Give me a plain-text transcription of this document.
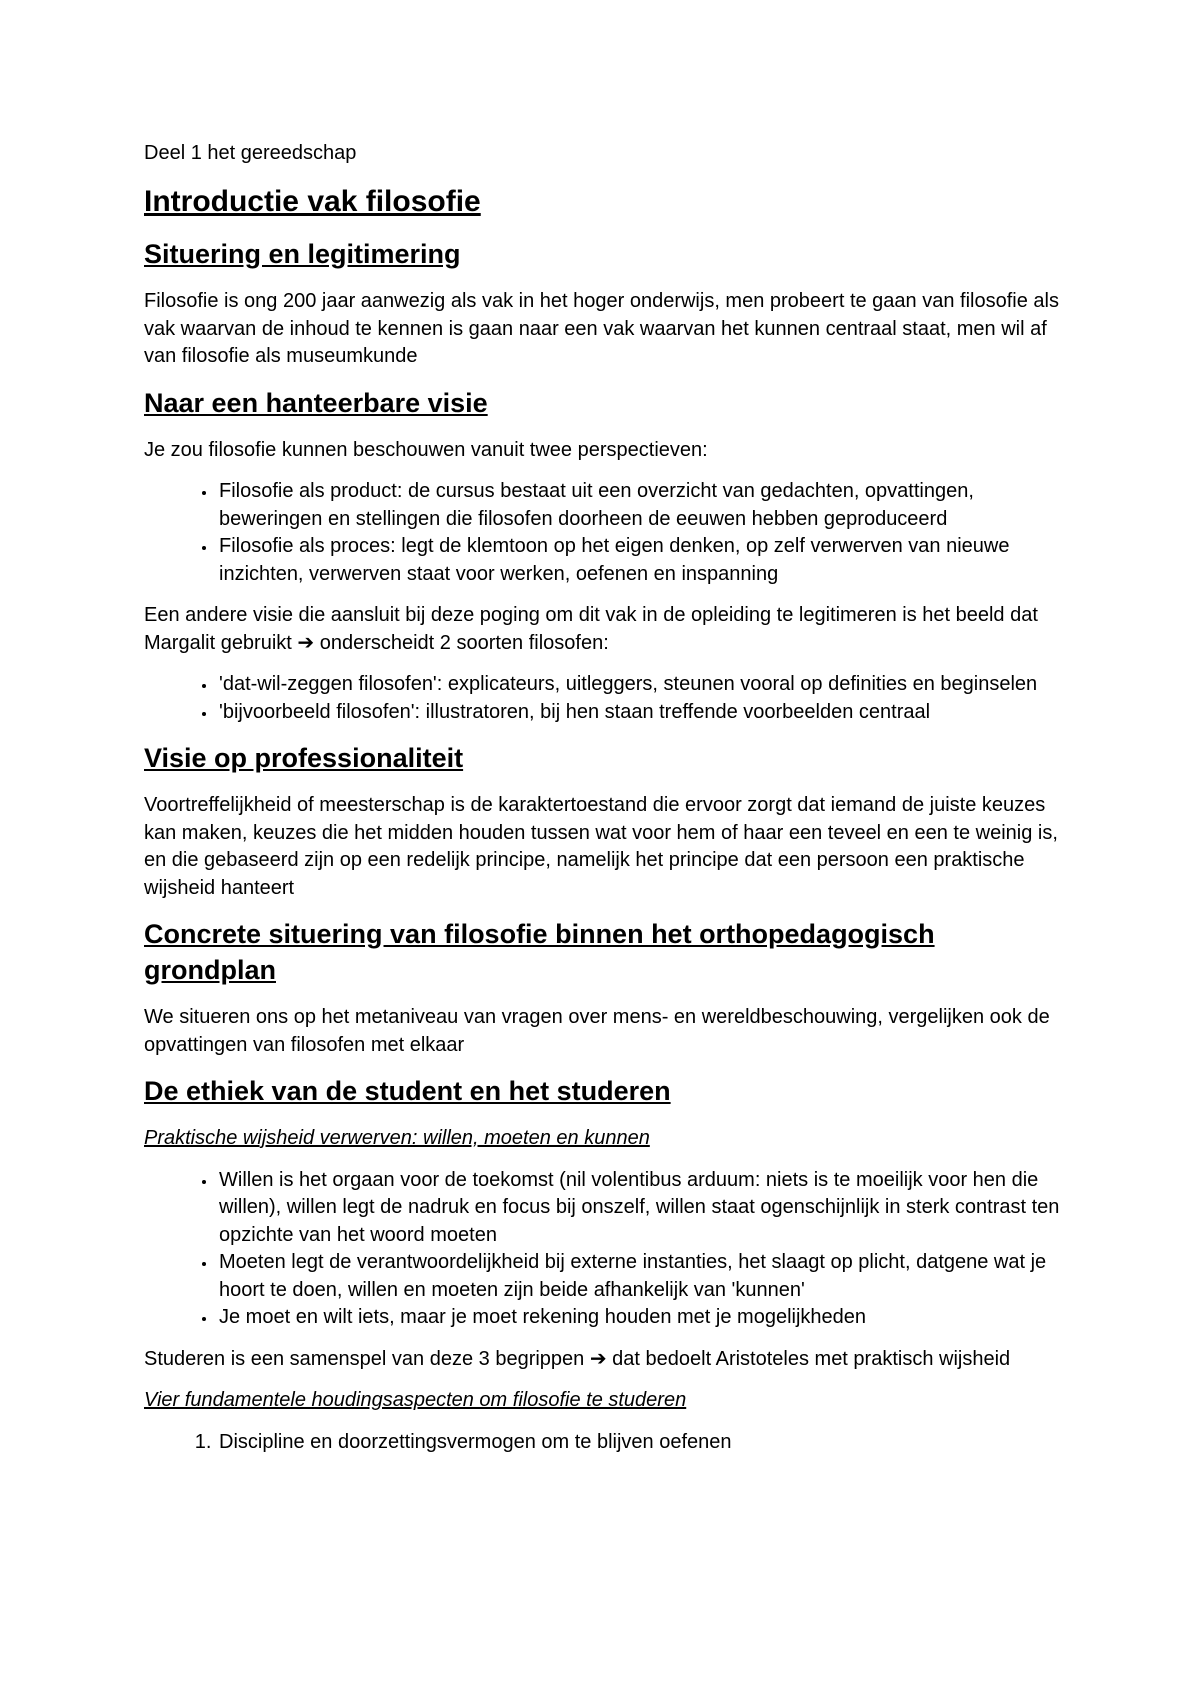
Deel 1 het gereedschap
Introductie vak filosofie
Situering en legitimering

Filosofie is ong 200 jaar aanwezig als vak in het hoger onderwijs, men probeert te gaan van filosofie als vak waarvan de inhoud te kennen is gaan naar een vak waarvan het kunnen centraal staat, men wil af van filosofie als museumkunde

Naar een hanteerbare visie

Je zou filosofie kunnen beschouwen vanuit twee perspectieven:

• Filosofie als product: de cursus bestaat uit een overzicht van gedachten, opvattingen, beweringen en stellingen die filosofen doorheen de eeuwen hebben geproduceerd
• Filosofie als proces: legt de klemtoon op het eigen denken, op zelf verwerven van nieuwe inzichten, verwerven staat voor werken, oefenen en inspanning

Een andere visie die aansluit bij deze poging om dit vak in de opleiding te legitimeren is het beeld dat Margalit gebruikt ➔ onderscheidt 2 soorten filosofen:

• 'dat-wil-zeggen filosofen': explicateurs, uitleggers, steunen vooral op definities en beginselen
• 'bijvoorbeeld filosofen': illustratoren, bij hen staan treffende voorbeelden centraal
Visie op professionaliteit

Voortreffelijkheid of meesterschap is de karaktertoestand die ervoor zorgt dat iemand de juiste keuzes kan maken, keuzes die het midden houden tussen wat voor hem of haar een teveel en een te weinig is, en die gebaseerd zijn op een redelijk principe, namelijk het principe dat een persoon een praktische wijsheid hanteert

Concrete situering van filosofie binnen het orthopedagogisch grondplan

We situeren ons op het metaniveau van vragen over mens- en wereldbeschouwing, vergelijken ook de opvattingen van filosofen met elkaar

De ethiek van de student en het studeren
Praktische wijsheid verwerven: willen, moeten en kunnen
• Willen is het orgaan voor de toekomst (nil volentibus arduum: niets is te moeilijk voor hen die willen), willen legt de nadruk en focus bij onszelf, willen staat ogenschijnlijk in sterk contrast ten opzichte van het woord moeten
• Moeten legt de verantwoordelijkheid bij externe instanties, het slaagt op plicht, datgene wat je hoort te doen, willen en moeten zijn beide afhankelijk van 'kunnen'
• Je moet en wilt iets, maar je moet rekening houden met je mogelijkheden

Studeren is een samenspel van deze 3 begrippen ➔ dat bedoelt Aristoteles met praktisch wijsheid

Vier fundamentele houdingsaspecten om filosofie te studeren
1. Discipline en doorzettingsvermogen om te blijven oefenen
